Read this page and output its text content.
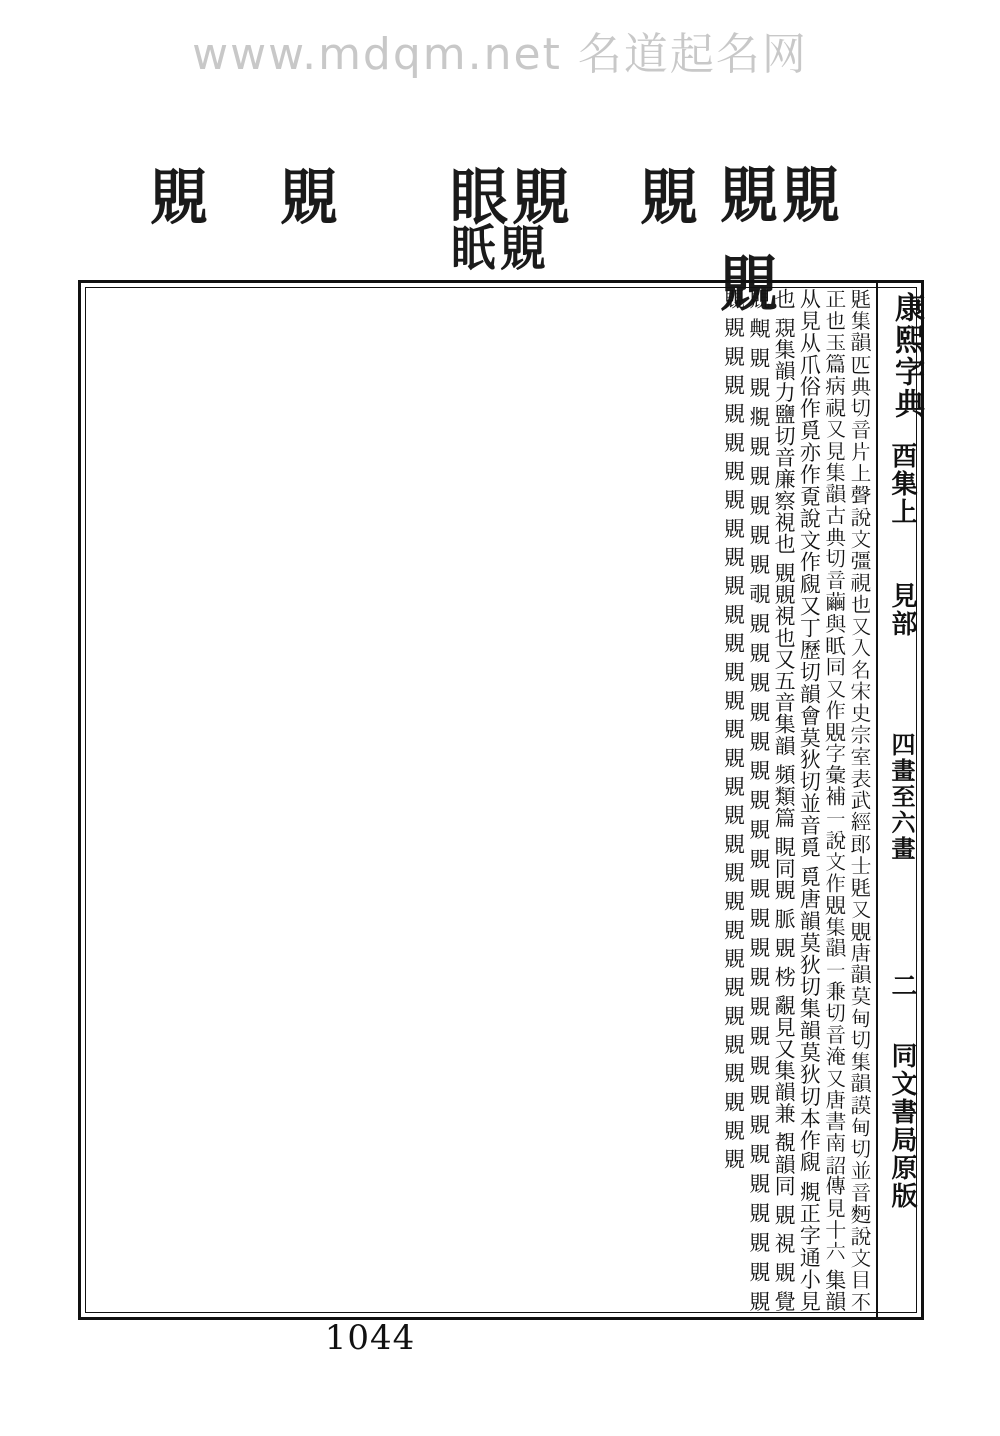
www.mdqm.net 名道起名网
覞 覞 眼覞
眂覞
覞 覞覞覞
康熙字典
酉集上
見部
四畫至六畫
二
同文書局原版
𧠑集韻匹典切音片上聲說文彊視也又入名宋史宗室表武經郎士𧠑又覞唐韻莫甸切集韻謨甸切並音麪說文目不正也玉篇病視又見集韻古典切音繭與眂同又作覞字彙補一説文作覞集韻一兼切音淹又唐書南詔傳見十六 集韻从見从爪俗作覓亦作覔說文作覛又丁歷切韻會莫狄切並音覓 覓唐韻莫狄切集韻莫狄切本作覛 覜正字通小見也 覝集韻力鹽切音廉察視也 覞覞視也又五音集韻 頻類篇 睍同覞 脈 覞 㭞 覶見又集韻兼 覩韻同 覞 視 覞 覺 覞 覥 覞 覞 覜 覞 覞 覞 覞 覞 覗 覞 覞 覞 覞 覞 覞 覞 覞 覞 覞 覞 覞 覞 覞 覞 覞 覞 覞 覞 覞 覞 覞 覞 覞 覞 覞 覞 覞 覞 覞 覞 覞 覞 覞 覞 覞 覞 覞 覞 覞 覞 覞 覞 覞 覞 覞 覞 覞 覞 覞 覞 覞 覞 覞 覞
1044
